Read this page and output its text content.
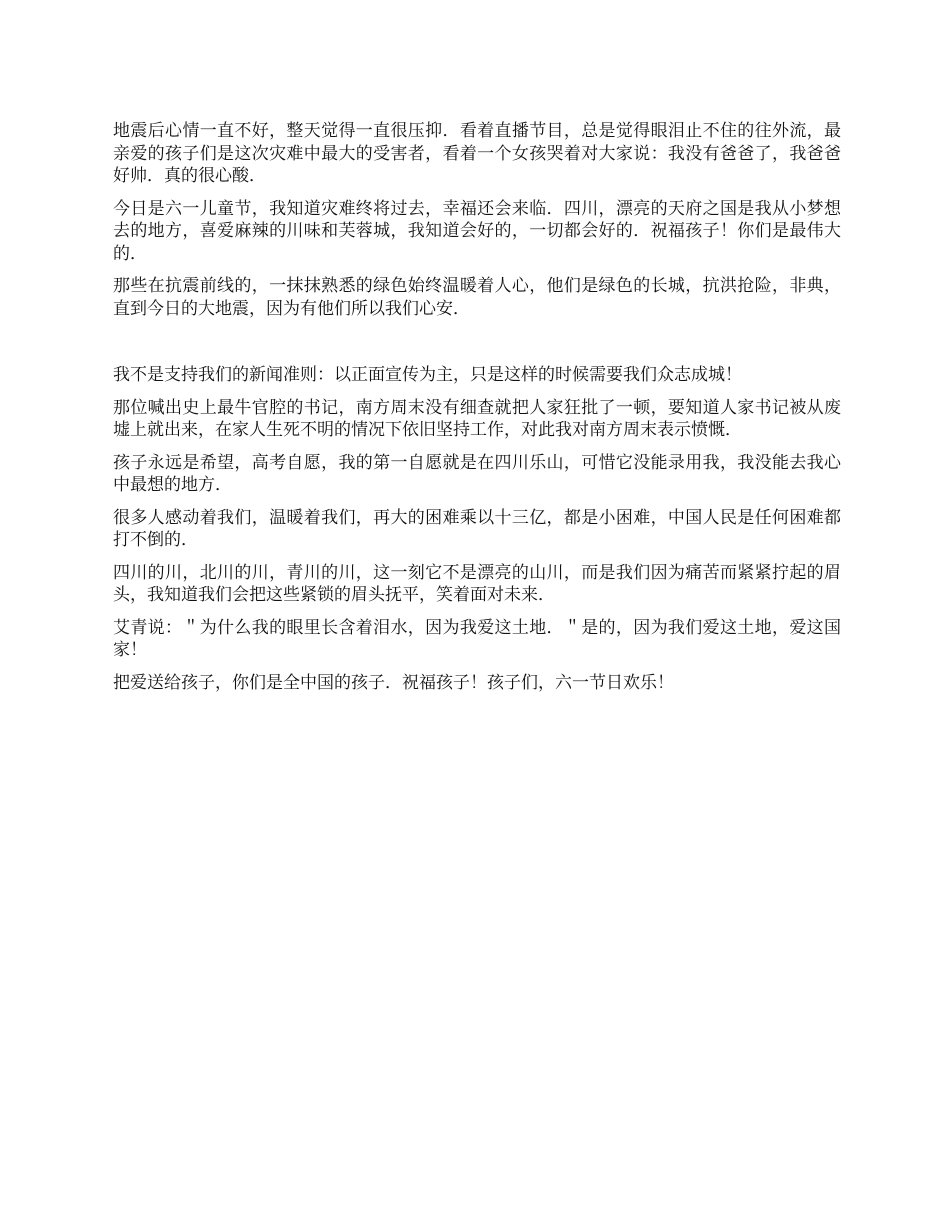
地震后心情一直不好，整天觉得一直很压抑．看着直播节目，总是觉得眼泪止不住的往外流，最亲爱的孩子们是这次灾难中最大的受害者，看着一个女孩哭着对大家说：我没有爸爸了，我爸爸好帅．真的很心酸．

今日是六一儿童节，我知道灾难终将过去，幸福还会来临．四川，漂亮的天府之国是我从小梦想去的地方，喜爱麻辣的川味和芙蓉城，我知道会好的，一切都会好的．祝福孩子！你们是最伟大的．

那些在抗震前线的，一抹抹熟悉的绿色始终温暖着人心，他们是绿色的长城，抗洪抢险，非典，直到今日的大地震，因为有他们所以我们心安．

我不是支持我们的新闻准则：以正面宣传为主，只是这样的时候需要我们众志成城！

那位喊出史上最牛官腔的书记，南方周末没有细查就把人家狂批了一顿，要知道人家书记被从废墟上就出来，在家人生死不明的情况下依旧坚持工作，对此我对南方周末表示愤慨．

孩子永远是希望，高考自愿，我的第一自愿就是在四川乐山，可惜它没能录用我，我没能去我心中最想的地方．

很多人感动着我们，温暖着我们，再大的困难乘以十三亿，都是小困难，中国人民是任何困难都打不倒的．

四川的川，北川的川，青川的川，这一刻它不是漂亮的山川，而是我们因为痛苦而紧紧拧起的眉头，我知道我们会把这些紧锁的眉头抚平，笑着面对未来．

艾青说：＂为什么我的眼里长含着泪水，因为我爱这土地．＂是的，因为我们爱这土地，爱这国家！

把爱送给孩子，你们是全中国的孩子．祝福孩子！孩子们，六一节日欢乐！
